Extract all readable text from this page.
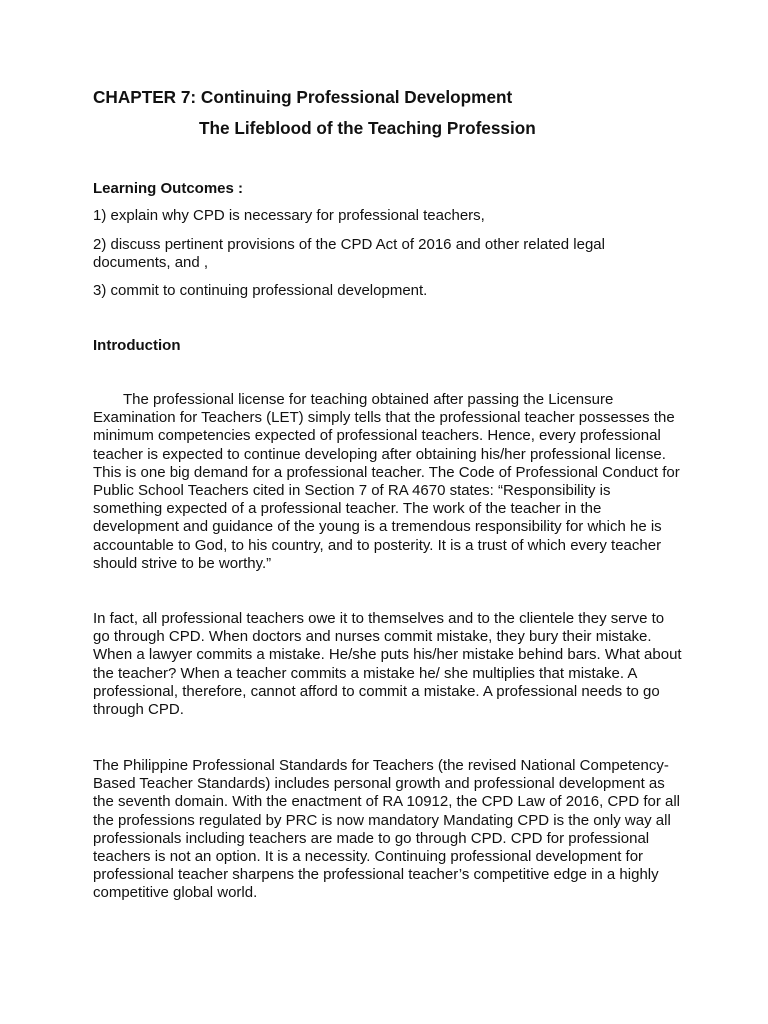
CHAPTER 7: Continuing Professional Development
The Lifeblood of the Teaching Profession

Learning Outcomes :

1) explain why CPD is necessary for professional teachers,

2) discuss pertinent provisions of the CPD Act of 2016 and other related legal documents, and ,

3) commit to continuing professional development.

Introduction

The professional license for teaching obtained after passing the Licensure Examination for Teachers (LET) simply tells that the professional teacher possesses the minimum competencies expected of professional teachers. Hence, every professional teacher is expected to continue developing after obtaining his/her professional license. This is one big demand for a professional teacher. The Code of Professional Conduct for Public School Teachers cited in Section 7 of RA 4670 states: “Responsibility is something expected of a professional teacher. The work of the teacher in the development and guidance of the young is a tremendous responsibility for which he is accountable to God, to his country, and to posterity. It is a trust of which every teacher should strive to be worthy.”

In fact, all professional teachers owe it to themselves and to the clientele they serve to go through CPD. When doctors and nurses commit mistake, they bury their mistake. When a lawyer commits a mistake. He/she puts his/her mistake behind bars. What about the teacher? When a teacher commits a mistake he/ she multiplies that mistake. A professional, therefore, cannot afford to commit a mistake. A professional needs to go through CPD.

The Philippine Professional Standards for Teachers (the revised National Competency-Based Teacher Standards) includes personal growth and professional development as the seventh domain. With the enactment of RA 10912, the CPD Law of 2016, CPD for all the professions regulated by PRC is now mandatory Mandating CPD is the only way all professionals including teachers are made to go through CPD. CPD for professional teachers is not an option. It is a necessity. Continuing professional development for professional teacher sharpens the professional teacher’s competitive edge in a highly competitive global world.
